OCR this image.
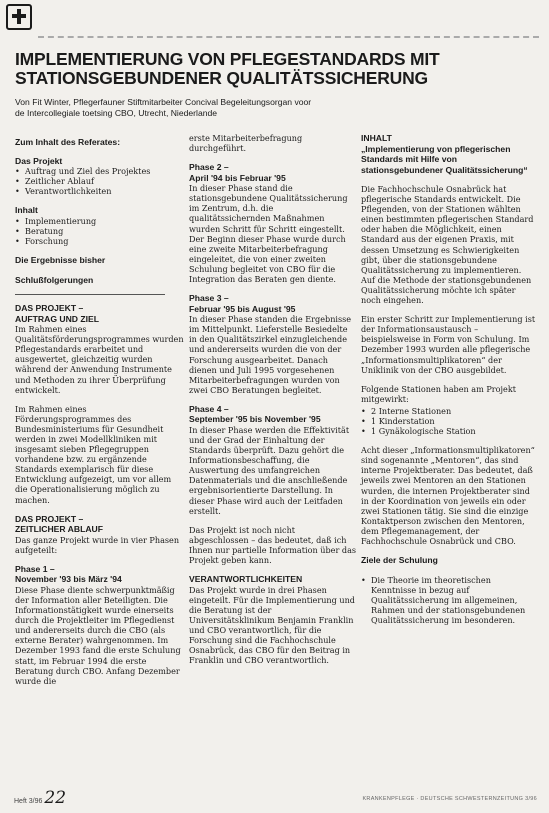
IMPLEMENTIERUNG VON PFLEGESTANDARDS MIT
STATIONSGEBUNDENER QUALITÄTSSICHERUNG
Von Fit Winter, Pflegerfauner Stiftmitarbeiter Concival Begeleitungsorgan voor
de Intercollegiale toetsing CBO, Utrecht, Niederlande
Zum Inhalt des Referates:
Das Projekt
• Auftrag und Ziel des Projektes
• Zeitlicher Ablauf
• Verantwortlichkeiten
Inhalt
• Implementierung
• Beratung
• Forschung
Die Ergebnisse bisher
Schlußfolgerungen
DAS PROJEKT –
AUFTRAG UND ZIEL

Im Rahmen eines Qualitätsförderungsprogrammes wurden Pflegestandards erarbeitet und ausgewertet, gleichzeitig wurden während der Anwendung Instrumente und Methoden zu ihrer Überprüfung entwickelt.

Im Rahmen eines Förderungsprogrammes des Bundesministeriums für Gesundheit werden in zwei Modellkliniken mit insgesamt sieben Pflegegruppen vorhandene bzw. zu ergänzende Standards exemplarisch für diese Entwicklung aufgezeigt, um vor allem die Operationalisierung möglich zu machen.

DAS PROJEKT –
ZEITLICHER ABLAUF

Das ganze Projekt wurde in vier Phasen aufgeteilt:

Phase 1 –
November '93 bis März '94

Diese Phase diente schwerpunktmäßig der Information aller Beteiligten. Die Informationstätigkeit wurde einerseits durch die Projektleiter im Pflegedienst und andererseits durch die CBO (als externe Berater) wahrgenommen. Im Dezember 1993 fand die erste Schulung statt, im Februar 1994 die erste Beratung durch CBO. Anfang Dezember wurde die

erste Mitarbeiterbefragung durchgeführt.

Phase 2 –
April '94 bis Februar '95

In dieser Phase stand die stationsgebundene Qualitätssicherung im Zentrum, d.h. die qualitätssichernden Maßnahmen wurden Schritt für Schritt eingestellt. Der Beginn dieser Phase wurde durch eine zweite Mitarbeiterbefragung eingeleitet, die von einer zweiten Schulung begleitet von CBO für die Integration das Beraten gen diente.

Phase 3 –
Februar '95 bis August '95

In dieser Phase standen die Ergebnisse im Mittelpunkt. Lieferstelle Besiedelte in den Qualitätszirkel einzugleichende und andererseits wurden die von der Forschung ausgearbeitet. Danach dienen und Juli 1995 vorgesehenen Mitarbeiterbefragungen wurden von zwei CBO Beratungen begleitet.

Phase 4 –
September '95 bis November '95

In dieser Phase werden die Effektivität und der Grad der Einhaltung der Standards überprüft. Dazu gehört die Informationsbeschaffung, die Auswertung des umfangreichen Datenmaterials und die anschließende ergebnisorientierte Darstellung. In dieser Phase wird auch der Leitfaden erstellt.

Das Projekt ist noch nicht abgeschlossen – das bedeutet, daß ich Ihnen nur partielle Information über das Projekt geben kann.

VERANTWORTLICHKEITEN

Das Projekt wurde in drei Phasen eingeteilt. Für die Implementierung und die Beratung ist der Universitätsklinikum Benjamin Franklin und CBO verantwortlich, für die Forschung sind die Fachhochschule Osnabrück, das CBO für den Beitrag in Franklin und CBO verantwortlich.

INHALT

„Implementierung von pflegerischen Standards mit Hilfe von stationsgebundener Qualitätssicherung“

Die Fachhochschule Osnabrück hat pflegerische Standards entwickelt. Die Pflegenden, von der Stationen wählten einen bestimmten pflegerischen Standard oder haben die Möglichkeit, einen Standard aus der eigenen Praxis, mit dessen Umsetzung es Schwierigkeiten gibt, über die stationsgebundene Qualitätssicherung zu implementieren. Auf die Methode der stationsgebundenen Qualitätssicherung möchte ich später noch eingehen.

Ein erster Schritt zur Implementierung ist der Informationsaustausch – beispielsweise in Form von Schulung. Im Dezember 1993 wurden alle pflegerische „Informationsmultiplikatoren“ der Uniklinik von der CBO ausgebildet.

Folgende Stationen haben am Projekt mitgewirkt:

• 2 Interne Stationen
• 1 Kinderstation
• 1 Gynäkologische Station

Acht dieser „Informationsmultiplikatoren“ sind sogenannte „Mentoren“, das sind interne Projektberater. Das bedeutet, daß jeweils zwei Mentoren an den Stationen wurden, die internen Projektberater sind in der Koordination von jeweils ein oder zwei Stationen tätig. Sie sind die einzige Kontaktperson zwischen den Mentoren, dem Pflegemanagement, der Fachhochschule Osnabrück und CBO.

Ziele der Schulung
• Die Theorie im theoretischen Kenntnisse in bezug auf Qualitätssicherung im allgemeinen, Rahmen und der stationsgebundenen Qualitätssicherung im besonderen.
Heft 3/96 22	KRANKENPFLEGE · DEUTSCHE SCHWESTERNZEITUNG 3/96
